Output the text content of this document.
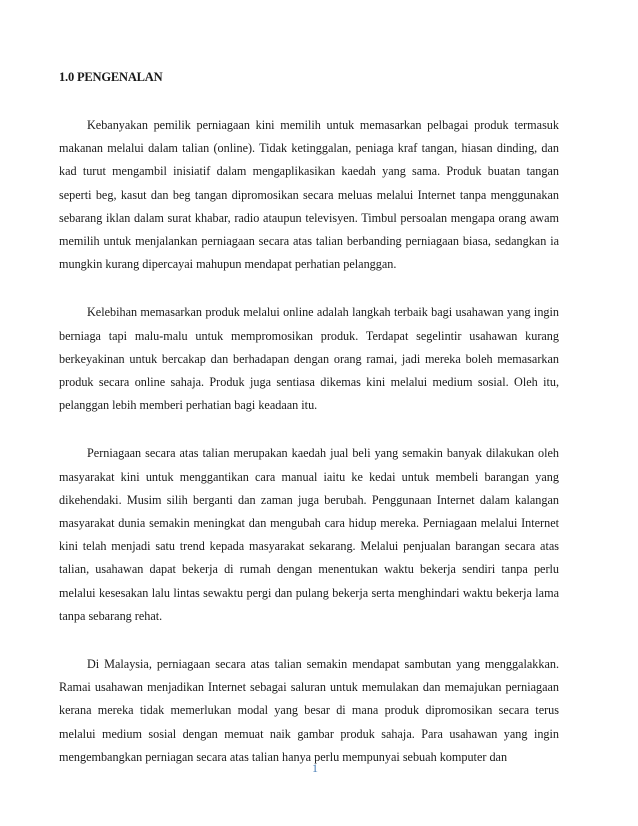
1.0 PENGENALAN

Kebanyakan pemilik perniagaan kini memilih untuk memasarkan pelbagai produk termasuk makanan melalui dalam talian (online). Tidak ketinggalan, peniaga kraf tangan, hiasan dinding, dan kad turut mengambil inisiatif dalam mengaplikasikan kaedah yang sama. Produk buatan tangan seperti beg, kasut dan beg tangan dipromosikan secara meluas melalui Internet tanpa menggunakan sebarang iklan dalam surat khabar, radio ataupun televisyen. Timbul persoalan mengapa orang awam memilih untuk menjalankan perniagaan secara atas talian berbanding perniagaan biasa, sedangkan ia mungkin kurang dipercayai mahupun mendapat perhatian pelanggan.

Kelebihan memasarkan produk melalui online adalah langkah terbaik bagi usahawan yang ingin berniaga tapi malu-malu untuk mempromosikan produk. Terdapat segelintir usahawan kurang berkeyakinan untuk bercakap dan berhadapan dengan orang ramai, jadi mereka boleh memasarkan produk secara online sahaja. Produk juga sentiasa dikemas kini melalui medium sosial. Oleh itu, pelanggan lebih memberi perhatian bagi keadaan itu.

Perniagaan secara atas talian merupakan kaedah jual beli yang semakin banyak dilakukan oleh masyarakat kini untuk menggantikan cara manual iaitu ke kedai untuk membeli barangan yang dikehendaki. Musim silih berganti dan zaman juga berubah. Penggunaan Internet dalam kalangan masyarakat dunia semakin meningkat dan mengubah cara hidup mereka. Perniagaan melalui Internet kini telah menjadi satu trend kepada masyarakat sekarang. Melalui penjualan barangan secara atas talian, usahawan dapat bekerja di rumah dengan menentukan waktu bekerja sendiri tanpa perlu melalui kesesakan lalu lintas sewaktu pergi dan pulang bekerja serta menghindari waktu bekerja lama tanpa sebarang rehat.

Di Malaysia, perniagaan secara atas talian semakin mendapat sambutan yang menggalakkan. Ramai usahawan menjadikan Internet sebagai saluran untuk memulakan dan memajukan perniagaan kerana mereka tidak memerlukan modal yang besar di mana produk dipromosikan secara terus melalui medium sosial dengan memuat naik gambar produk sahaja. Para usahawan yang ingin mengembangkan perniagan secara atas talian hanya perlu mempunyai sebuah komputer dan

1
